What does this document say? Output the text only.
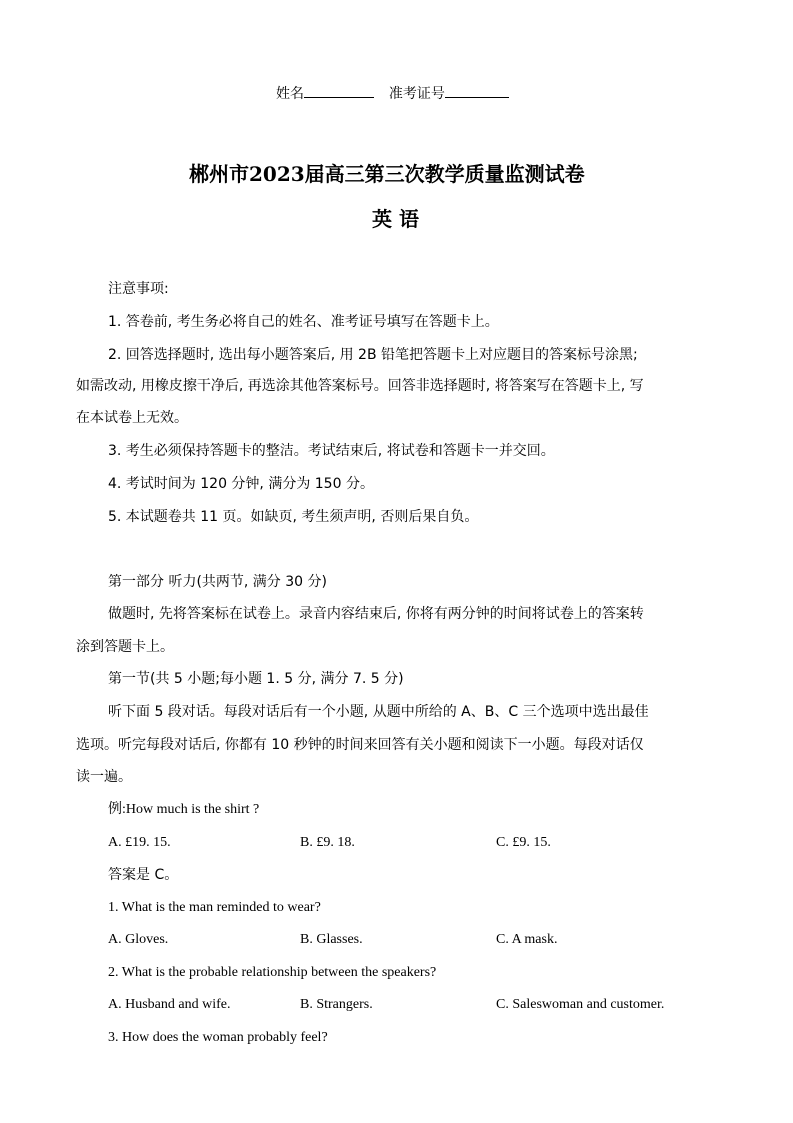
姓名	准考证号
郴州市2023届高三第三次教学质量监测试卷
英 语
注意事项:
1. 答卷前, 考生务必将自己的姓名、准考证号填写在答题卡上。
2. 回答选择题时, 选出每小题答案后, 用 2B 铅笔把答题卡上对应题目的答案标号涂黑;
如需改动, 用橡皮擦干净后, 再选涂其他答案标号。回答非选择题时, 将答案写在答题卡上, 写
在本试卷上无效。
3. 考生必须保持答题卡的整洁。考试结束后, 将试卷和答题卡一并交回。
4. 考试时间为 120 分钟, 满分为 150 分。
5. 本试题卷共 11 页。如缺页, 考生须声明, 否则后果自负。
第一部分 听力(共两节, 满分 30 分)
做题时, 先将答案标在试卷上。录音内容结束后, 你将有两分钟的时间将试卷上的答案转
涂到答题卡上。
第一节(共 5 小题;每小题 1. 5 分, 满分 7. 5 分)
听下面 5 段对话。每段对话后有一个小题, 从题中所给的 A、B、C 三个选项中选出最佳
选项。听完每段对话后, 你都有 10 秒钟的时间来回答有关小题和阅读下一小题。每段对话仅
读一遍。
例:How much is the shirt ?
A. £19. 15.	B. £9. 18.	C. £9. 15.
答案是 C。
1. What is the man reminded to wear?
A. Gloves.	B. Glasses.	C. A mask.
2. What is the probable relationship between the speakers?
A. Husband and wife.	B. Strangers.	C. Saleswoman and customer.
3. How does the woman probably feel?
